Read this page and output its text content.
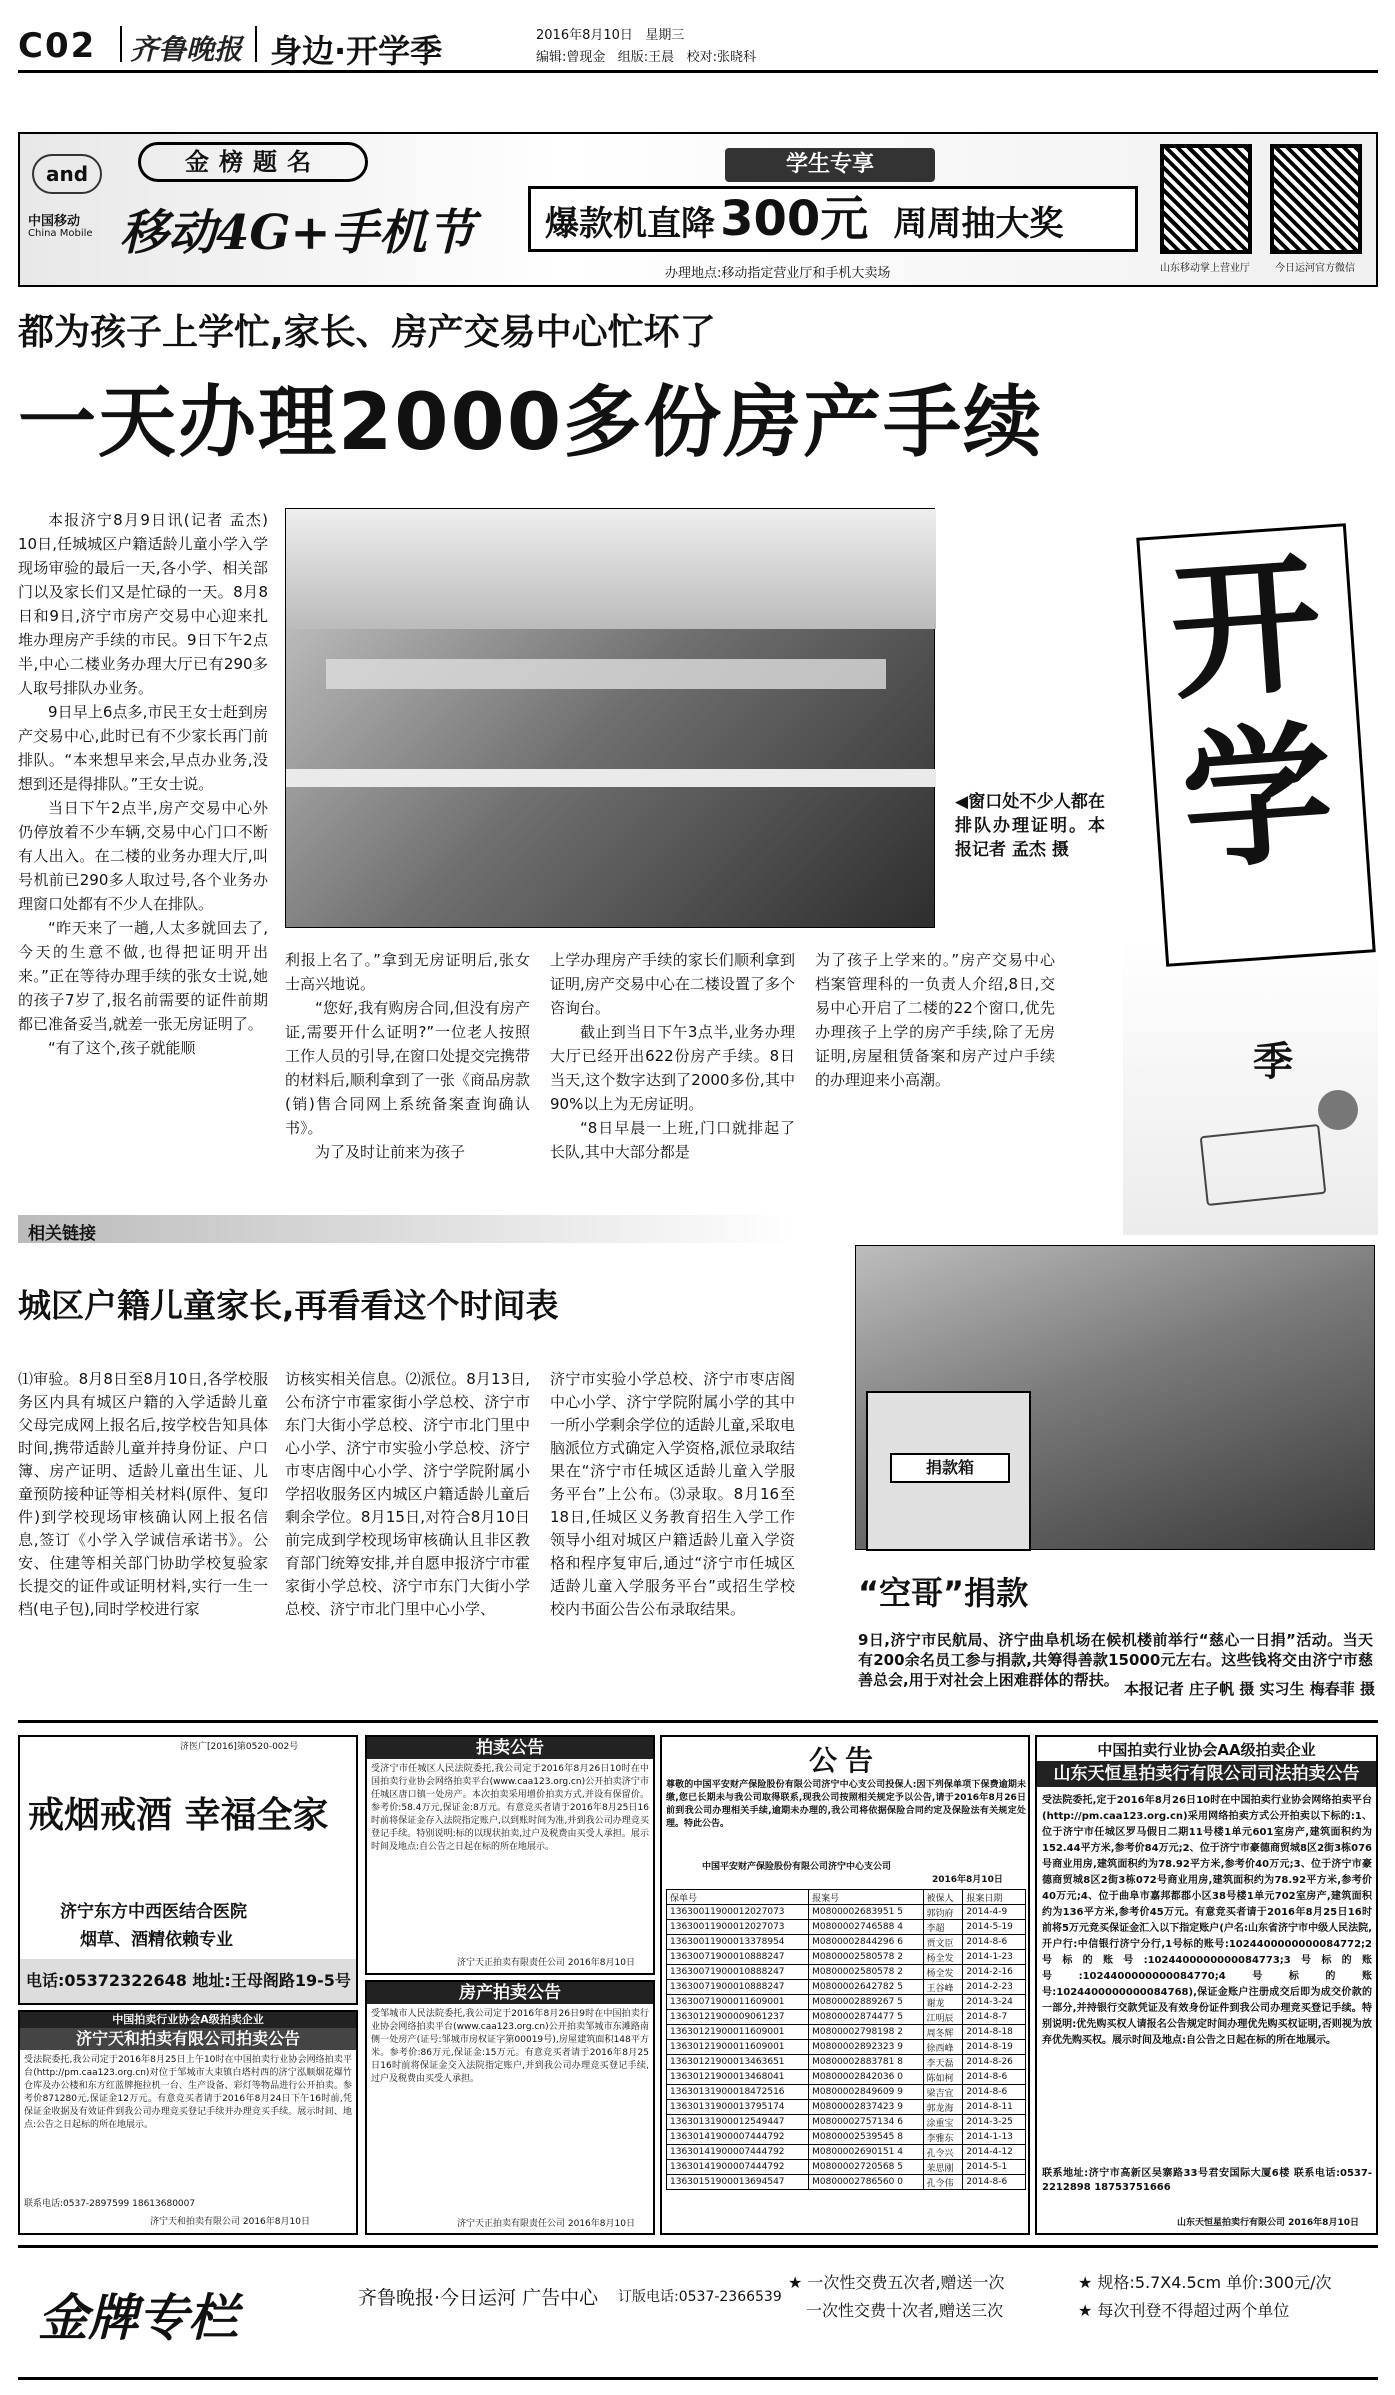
C02 齐鲁晚报 身边·开学季	2016年8月10日 星期三
编辑:曾现金 组版:王晨 校对:张晓科
and
中国移动
China Mobile
金榜题名
移动4G+手机节
学生专享
爆款机直降 300元 周周抽大奖
办理地点:移动指定营业厅和手机大卖场	山东移动掌上营业厅	今日运河官方微信
都为孩子上学忙,家长、房产交易中心忙坏了
一天办理2000多份房产手续

本报济宁8月9日讯(记者 孟杰) 10日,任城城区户籍适龄儿童小学入学现场审验的最后一天,各小学、相关部门以及家长们又是忙碌的一天。8月8日和9日,济宁市房产交易中心迎来扎堆办理房产手续的市民。9日下午2点半,中心二楼业务办理大厅已有290多人取号排队办业务。

9日早上6点多,市民王女士赶到房产交易中心,此时已有不少家长再门前排队。“本来想早来会,早点办业务,没想到还是得排队。”王女士说。

当日下午2点半,房产交易中心外仍停放着不少车辆,交易中心门口不断有人出入。在二楼的业务办理大厅,叫号机前已290多人取过号,各个业务办理窗口处都有不少人在排队。

“昨天来了一趟,人太多就回去了,今天的生意不做,也得把证明开出来。”正在等待办理手续的张女士说,她的孩子7岁了,报名前需要的证件前期都已准备妥当,就差一张无房证明了。

“有了这个,孩子就能顺

◀窗口处不少人都在排队办理证明。本报记者 孟杰 摄
开
学
季

利报上名了。”拿到无房证明后,张女士高兴地说。

“您好,我有购房合同,但没有房产证,需要开什么证明?”一位老人按照工作人员的引导,在窗口处提交完携带的材料后,顺利拿到了一张《商品房款(销)售合同网上系统备案查询确认书》。

为了及时让前来为孩子

上学办理房产手续的家长们顺利拿到证明,房产交易中心在二楼设置了多个咨询台。

截止到当日下午3点半,业务办理大厅已经开出622份房产手续。8日当天,这个数字达到了2000多份,其中90%以上为无房证明。

“8日早晨一上班,门口就排起了长队,其中大部分都是

为了孩子上学来的。”房产交易中心档案管理科的一负责人介绍,8日,交易中心开启了二楼的22个窗口,优先办理孩子上学的房产手续,除了无房证明,房屋租赁备案和房产过户手续的办理迎来小高潮。

相关链接
城区户籍儿童家长,再看看这个时间表
⑴审验。8月8日至8月10日,各学校服务区内具有城区户籍的入学适龄儿童父母完成网上报名后,按学校告知具体时间,携带适龄儿童并持身份证、户口簿、房产证明、适龄儿童出生证、儿童预防接种证等相关材料(原件、复印件)到学校现场审核确认网上报名信息,签订《小学入学诚信承诺书》。公安、住建等相关部门协助学校复验家长提交的证件或证明材料,实行一生一档(电子包),同时学校进行家
访核实相关信息。⑵派位。8月13日,公布济宁市霍家街小学总校、济宁市东门大街小学总校、济宁市北门里中心小学、济宁市实验小学总校、济宁市枣店阁中心小学、济宁学院附属小学招收服务区内城区户籍适龄儿童后剩余学位。8月15日,对符合8月10日前完成到学校现场审核确认且非区教育部门统筹安排,并自愿申报济宁市霍家街小学总校、济宁市东门大街小学总校、济宁市北门里中心小学、
济宁市实验小学总校、济宁市枣店阁中心小学、济宁学院附属小学的其中一所小学剩余学位的适龄儿童,采取电脑派位方式确定入学资格,派位录取结果在“济宁市任城区适龄儿童入学服务平台”上公布。⑶录取。8月16至18日,任城区义务教育招生入学工作领导小组对城区户籍适龄儿童入学资格和程序复审后,通过“济宁市任城区适龄儿童入学服务平台”或招生学校校内书面公告公布录取结果。
捐款箱
“空哥”捐款
9日,济宁市民航局、济宁曲阜机场在候机楼前举行“慈心一日捐”活动。当天有200余名员工参与捐款,共筹得善款15000元左右。这些钱将交由济宁市慈善总会,用于对社会上困难群体的帮扶。 本报记者 庄子帆 摄 实习生 梅春菲 摄
济医广[2016]第0520-002号
戒烟戒酒 幸福全家
济宁东方中西医结合医院
烟草、酒精依赖专业
电话:05372322648 地址:王母阁路19-5号
中国拍卖行业协会A级拍卖企业
济宁天和拍卖有限公司拍卖公告
受法院委托,我公司定于2016年8月25日上午10时在中国拍卖行业协会网络拍卖平台(http://pm.caa123.org.cn)对位于邹城市大束镇白塔村西的济宁泓顺烟花爆竹仓库及办公楼和东方红蓝牌拖拉机一台、生产设备、彩灯等物品进行公开拍卖。参考价871280元,保证金12万元。有意竞买者请于2016年8月24日下午16时前,凭保证金收据及有效证件到我公司办理竞买登记手续并办理竞买手续。展示时间、地点:公告之日起标的所在地展示。
联系电话:0537-2897599 18613680007
济宁天和拍卖有限公司 2016年8月10日
拍卖公告
受济宁市任城区人民法院委托,我公司定于2016年8月26日10时在中国拍卖行业协会网络拍卖平台(www.caa123.org.cn)公开拍卖济宁市任城区唐口镇一处房产。本次拍卖采用增价拍卖方式,并设有保留价。参考价:58.4万元,保证金:8万元。有意竞买者请于2016年8月25日16时前将保证金存入法院指定账户,以到账时间为准,并到我公司办理竞买登记手续。特别说明:标的以现状拍卖,过户及税费由买受人承担。展示时间及地点:自公告之日起在标的所在地展示。
济宁天正拍卖有限责任公司 2016年8月10日
房产拍卖公告
受邹城市人民法院委托,我公司定于2016年8月26日9时在中国拍卖行业协会网络拍卖平台(www.caa123.org.cn)公开拍卖邹城市东滩路南侧一处房产(证号:邹城市房权证字第00019号),房屋建筑面积148平方米。参考价:86万元,保证金:15万元。有意竞买者请于2016年8月25日16时前将保证金交入法院指定账户,并到我公司办理竞买登记手续,过户及税费由买受人承担。
济宁天正拍卖有限责任公司 2016年8月10日
公告
尊敬的中国平安财产保险股份有限公司济宁中心支公司投保人:因下列保单项下保费逾期未缴,您已长期未与我公司取得联系,现我公司按照相关规定予以公告,请于2016年8月26日前到我公司办理相关手续,逾期未办理的,我公司将依据保险合同约定及保险法有关规定处理。特此公告。
中国平安财产保险股份有限公司济宁中心支公司
2016年8月10日
保单号	报案号	被保人	报案日期
13630011900012027073	M0800002683951 5	郭钧府	2014-4-9
13630011900012027073	M0800002746588 4	李超	2014-5-19
13630011900013378954	M0800002844296 6	贾文臣	2014-8-6
13630071900010888247	M0800002580578 2	杨全发	2014-1-23
13630071900010888247	M0800002580578 2	杨全发	2014-2-16
13630071900010888247	M0800002642782 5	王谷峰	2014-2-23
13630071900011609001	M0800002889267 5	谢龙	2014-3-24
13630121900009061237	M0800002874477 5	江明辰	2014-8-7
13630121900011609001	M0800002798198 2	周冬辉	2014-8-18
13630121900011609001	M0800002892323 9	徐西峰	2014-8-19
13630121900013463651	M0800002883781 8	李天磊	2014-8-26
13630121900013468041	M0800002842036 0	陈如柯	2014-8-6
13630131900018472516	M0800002849609 9	梁吉宜	2014-8-6
13630131900013795174	M0800002837423 9	郭龙海	2014-8-11
13630131900012549447	M0800002757134 6	涂重宝	2014-3-25
13630141900007444792	M0800002539545 8	李雅东	2014-1-13
13630141900007444792	M0800002690151 4	孔令兴	2014-4-12
13630141900007444792	M0800002720568 5	茉思刚	2014-5-1
13630151900013694547	M0800002786560 0	孔令伟	2014-8-6
中国拍卖行业协会AA级拍卖企业
山东天恒星拍卖行有限公司司法拍卖公告
受法院委托,定于2016年8月26日10时在中国拍卖行业协会网络拍卖平台(http://pm.caa123.org.cn)采用网络拍卖方式公开拍卖以下标的:1、位于济宁市任城区罗马假日二期11号楼1单元601室房产,建筑面积约为152.44平方米,参考价84万元;2、位于济宁市豪德商贸城8区2街3栋076号商业用房,建筑面积约为78.92平方米,参考价40万元;3、位于济宁市豪德商贸城8区2街3栋072号商业用房,建筑面积约为78.92平方米,参考价40万元;4、位于曲阜市嘉邦都郡小区38号楼1单元702室房产,建筑面积约为136平方米,参考价45万元。有意竞买者请于2016年8月25日16时前将5万元竞买保证金汇入以下指定账户(户名:山东省济宁市中级人民法院,开户行:中信银行济宁分行,1号标的账号:1024400000000084772;2号标的账号:1024400000000084773;3号标的账号:1024400000000084770;4号标的账号:1024400000000084768),保证金账户注册成交后即为成交价款的一部分,并持银行交款凭证及有效身份证件到我公司办理竞买登记手续。特别说明:优先购买权人请报名公告规定时间办理优先购买权证明,否则视为放弃优先购买权。展示时间及地点:自公告之日起在标的所在地展示。
联系地址:济宁市高新区吴寨路33号君安国际大厦6楼 联系电话:0537-2212898 18753751666
山东天恒星拍卖行有限公司 2016年8月10日
金牌专栏	齐鲁晚报·今日运河 广告中心 订版电话:0537-2366539
★ 一次性交费五次者,赠送一次
一次性交费十次者,赠送三次
★ 规格:5.7X4.5cm 单价:300元/次
★ 每次刊登不得超过两个单位
